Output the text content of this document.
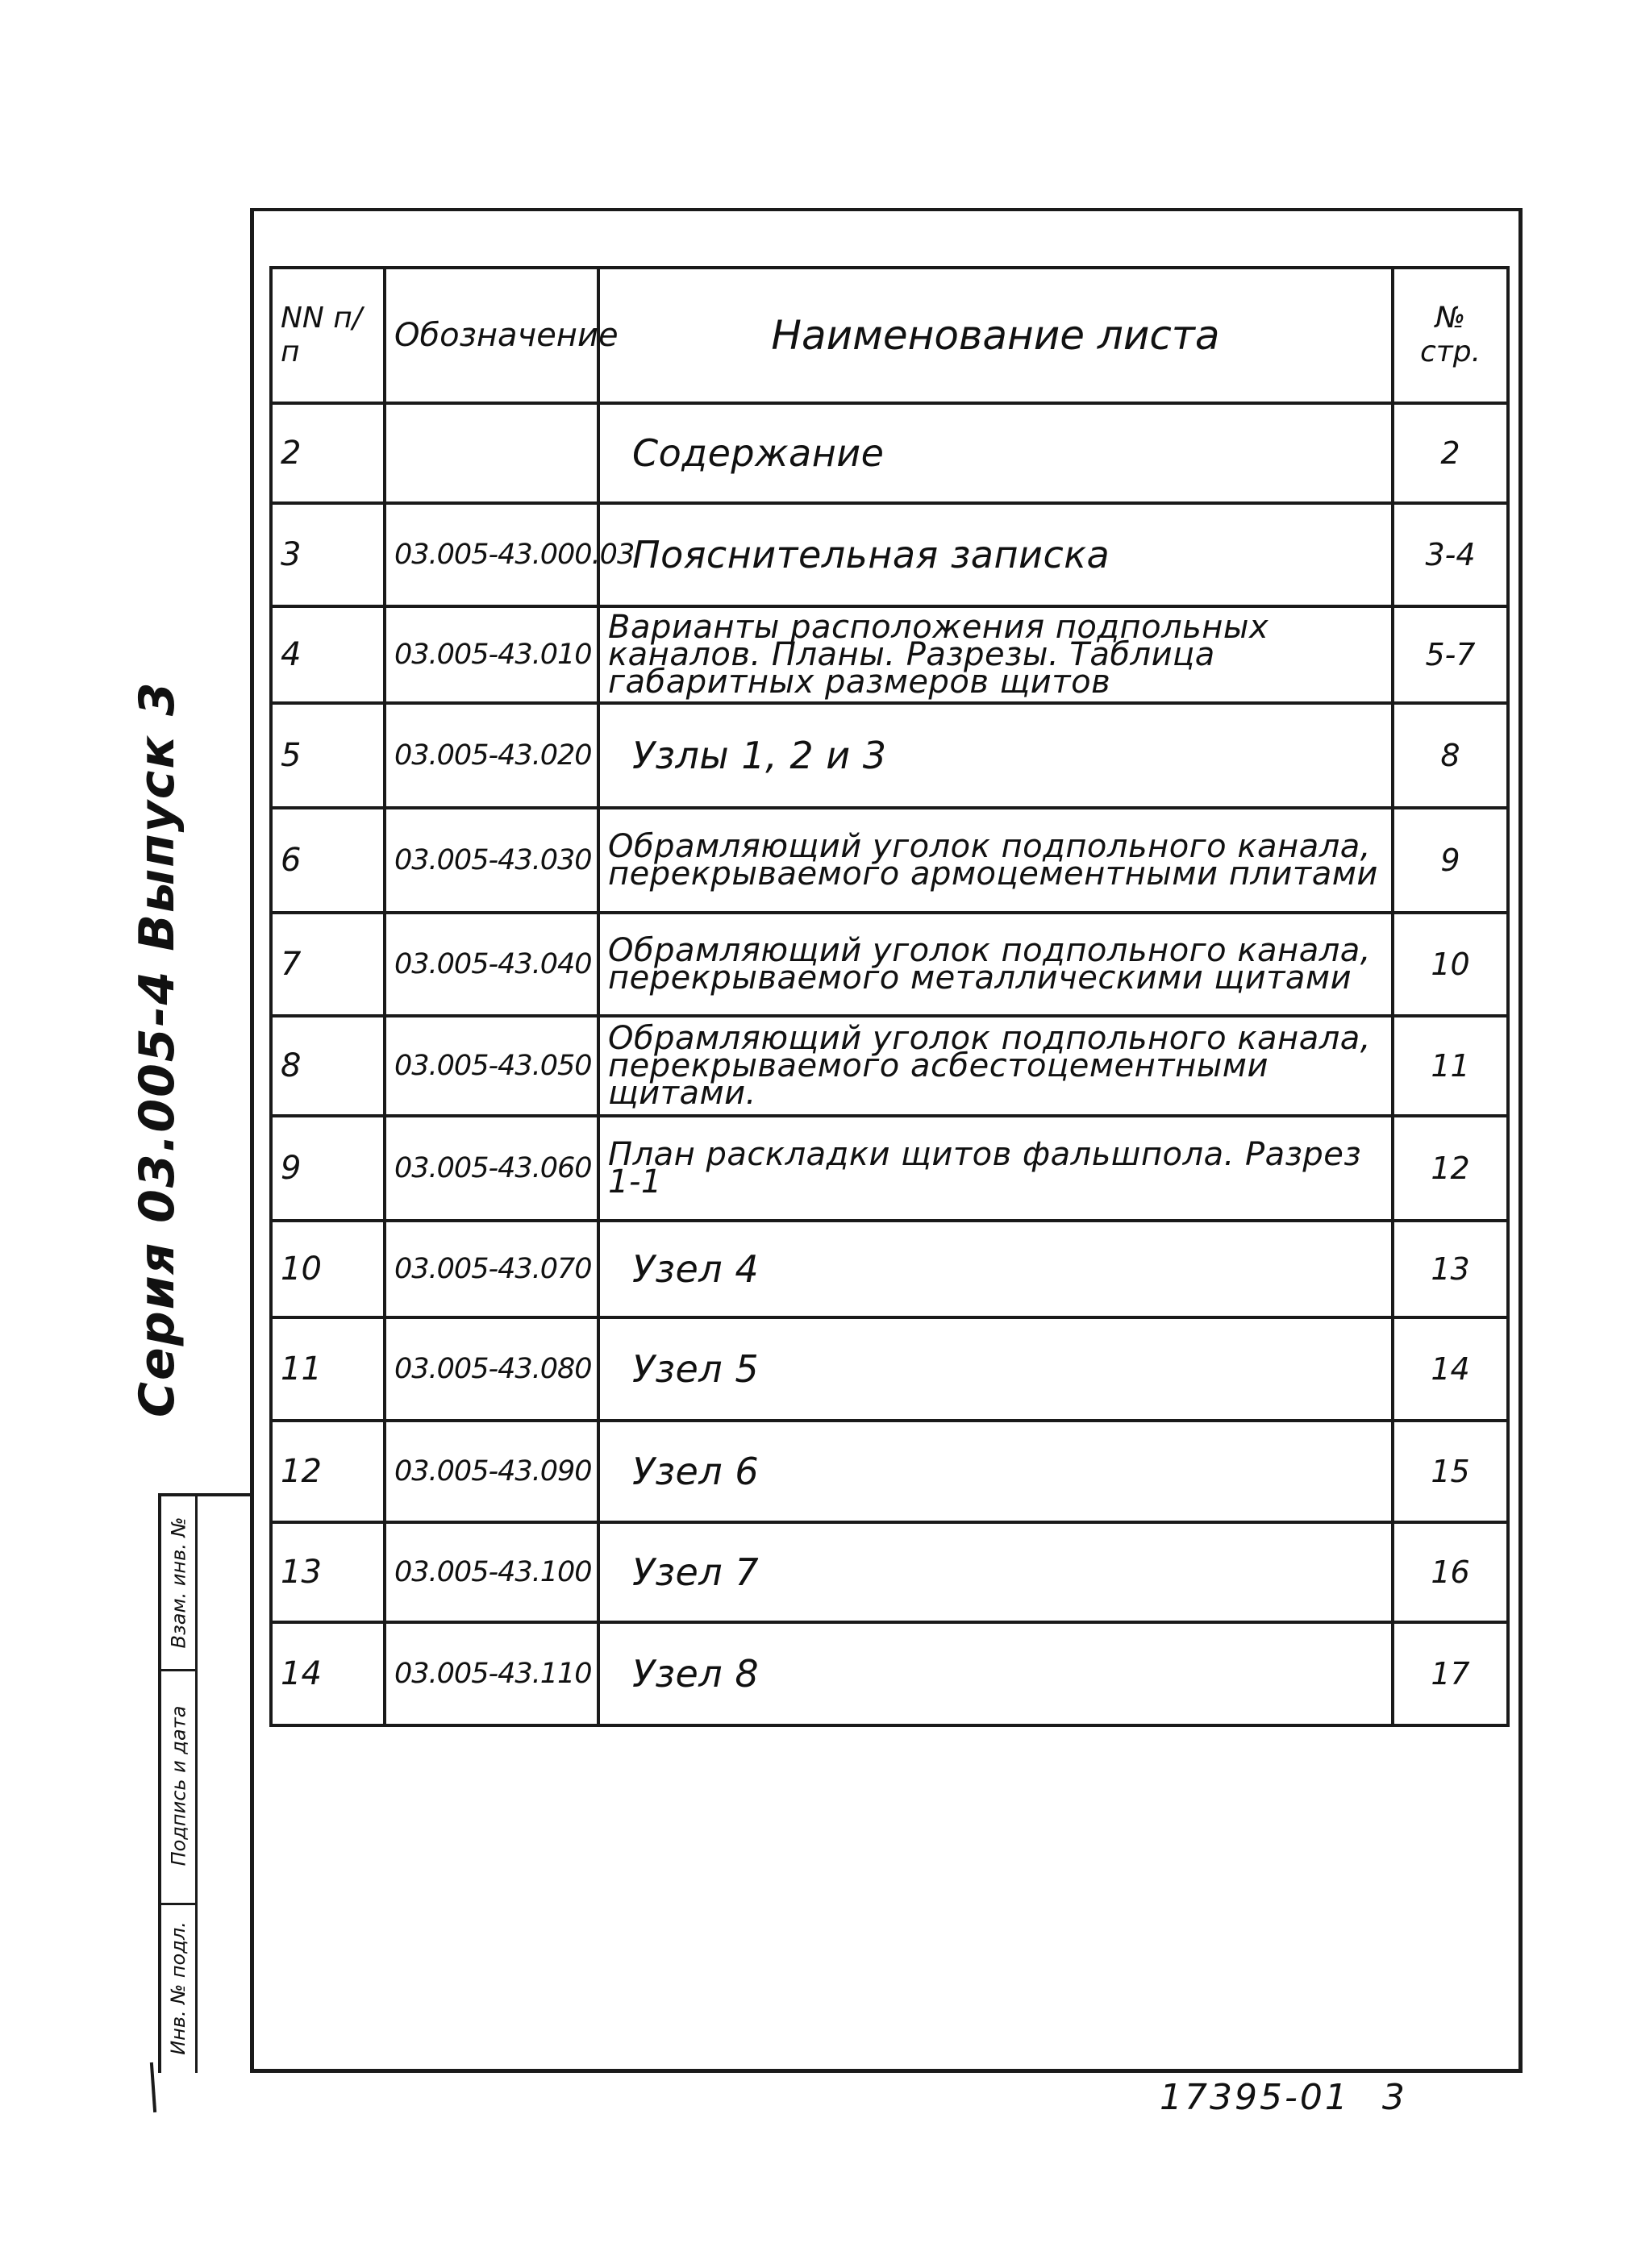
NN п/п	Обозначение	Наименование листа	№ стр.
2		Содержание	2
3	03.005-43.000.03	Пояснительная записка	3-4
4	03.005-43.010	Варианты расположения подпольных каналов. Планы. Разрезы. Таблица габаритных размеров щитов	5-7
5	03.005-43.020	Узлы 1, 2 и 3	8
6	03.005-43.030	Обрамляющий уголок подпольного канала, перекрываемого армоцементными плитами	9
7	03.005-43.040	Обрамляющий уголок подпольного канала, перекрываемого металлическими щитами	10
8	03.005-43.050	Обрамляющий уголок подпольного канала, перекрываемого асбестоцементными щитами.	11
9	03.005-43.060	План раскладки щитов фальшпола. Разрез 1-1	12
10	03.005-43.070	Узел 4	13
11	03.005-43.080	Узел 5	14
12	03.005-43.090	Узел 6	15
13	03.005-43.100	Узел 7	16
14	03.005-43.110	Узел 8	17
Серия 03.005-4 Выпуск 3
Взам. инв. №
Подпись и дата
Инв. № подл.
17395-01 3
